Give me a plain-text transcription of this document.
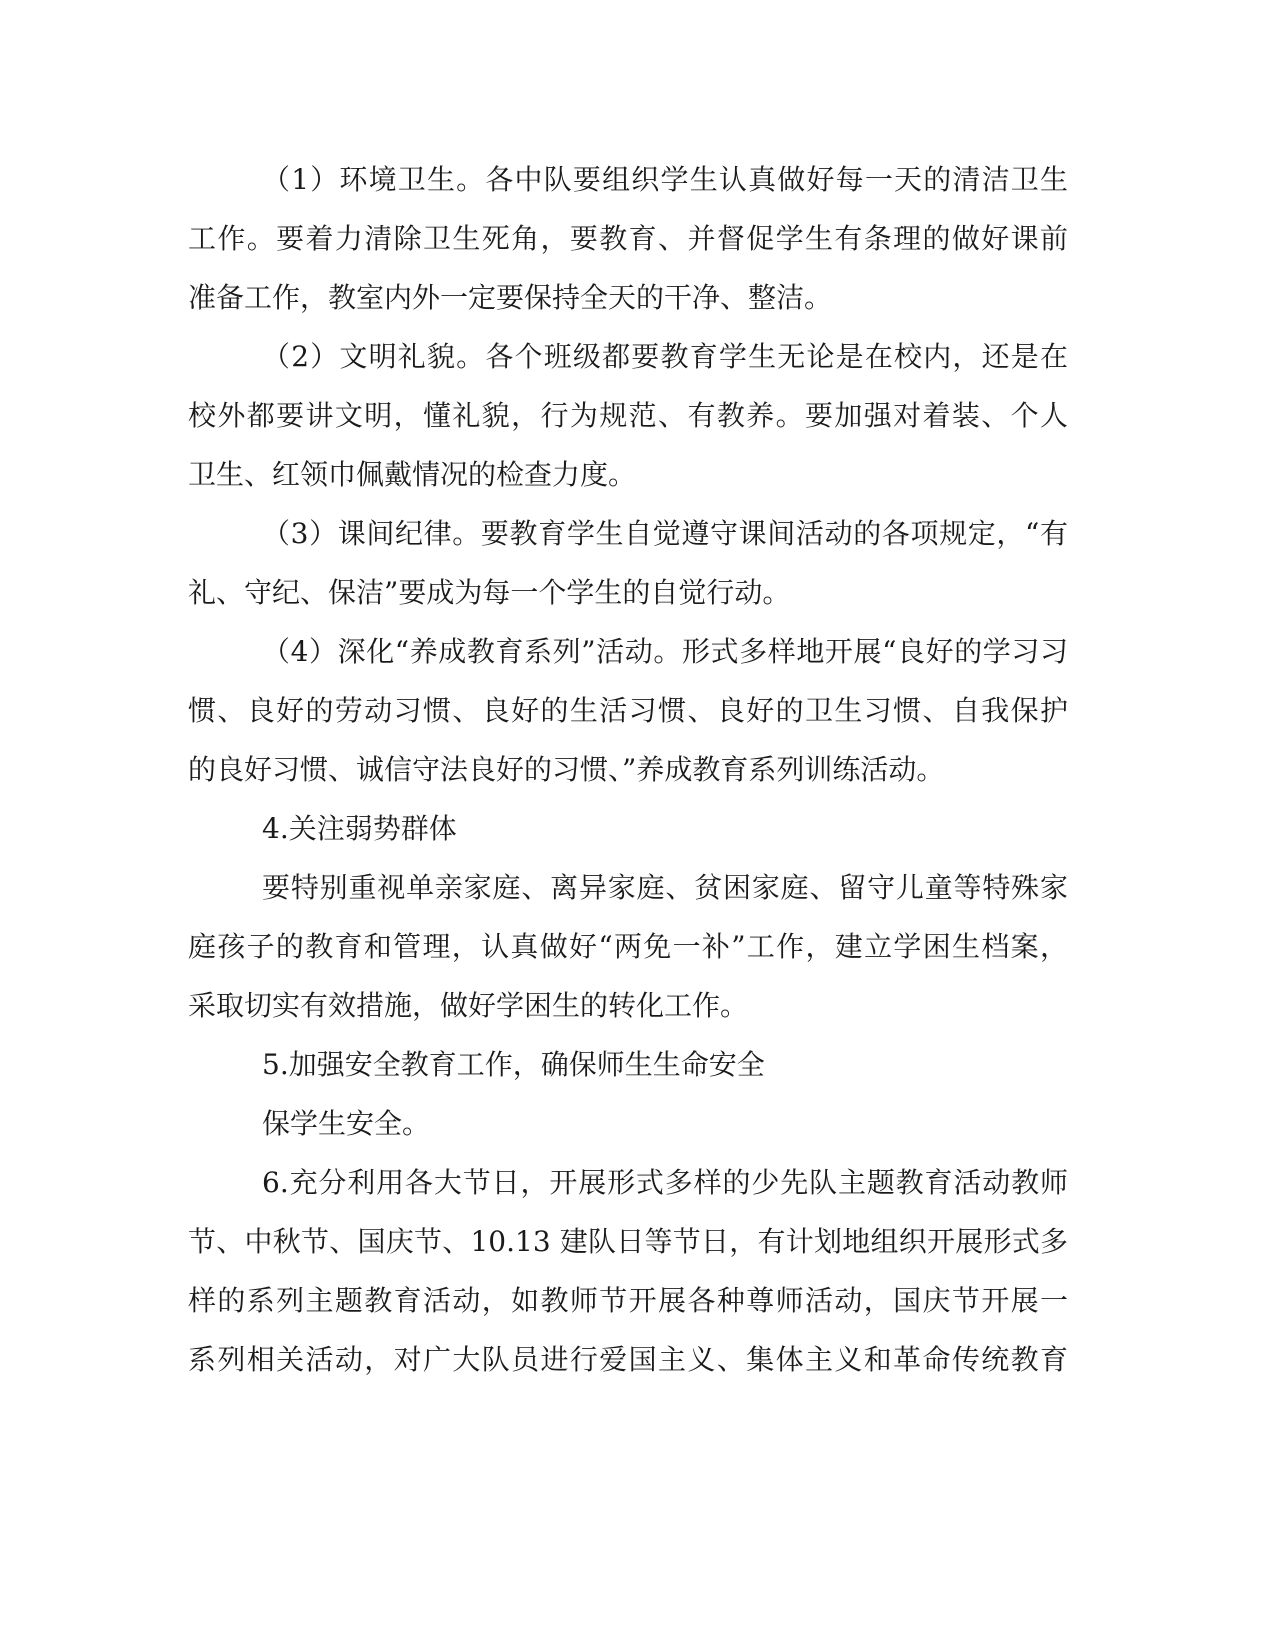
（1）环境卫生。各中队要组织学生认真做好每一天的清洁卫生
工作。要着力清除卫生死角，要教育、并督促学生有条理的做好课前
准备工作，教室内外一定要保持全天的干净、整洁。
（2）文明礼貌。各个班级都要教育学生无论是在校内，还是在
校外都要讲文明，懂礼貌，行为规范、有教养。要加强对着装、个人
卫生、红领巾佩戴情况的检查力度。
（3）课间纪律。要教育学生自觉遵守课间活动的各项规定，“有
礼、守纪、保洁”要成为每一个学生的自觉行动。
（4）深化“养成教育系列”活动。形式多样地开展“良好的学习习
惯、良好的劳动习惯、良好的生活习惯、良好的卫生习惯、自我保护
的良好习惯、诚信守法良好的习惯、”养成教育系列训练活动。
4.关注弱势群体
要特别重视单亲家庭、离异家庭、贫困家庭、留守儿童等特殊家
庭孩子的教育和管理，认真做好“两免一补”工作，建立学困生档案，
采取切实有效措施，做好学困生的转化工作。
5.加强安全教育工作，确保师生生命安全
保学生安全。
6.充分利用各大节日，开展形式多样的少先队主题教育活动教师
节、中秋节、国庆节、10.13 建队日等节日，有计划地组织开展形式多
样的系列主题教育活动，如教师节开展各种尊师活动，国庆节开展一
系列相关活动，对广大队员进行爱国主义、集体主义和革命传统教育
